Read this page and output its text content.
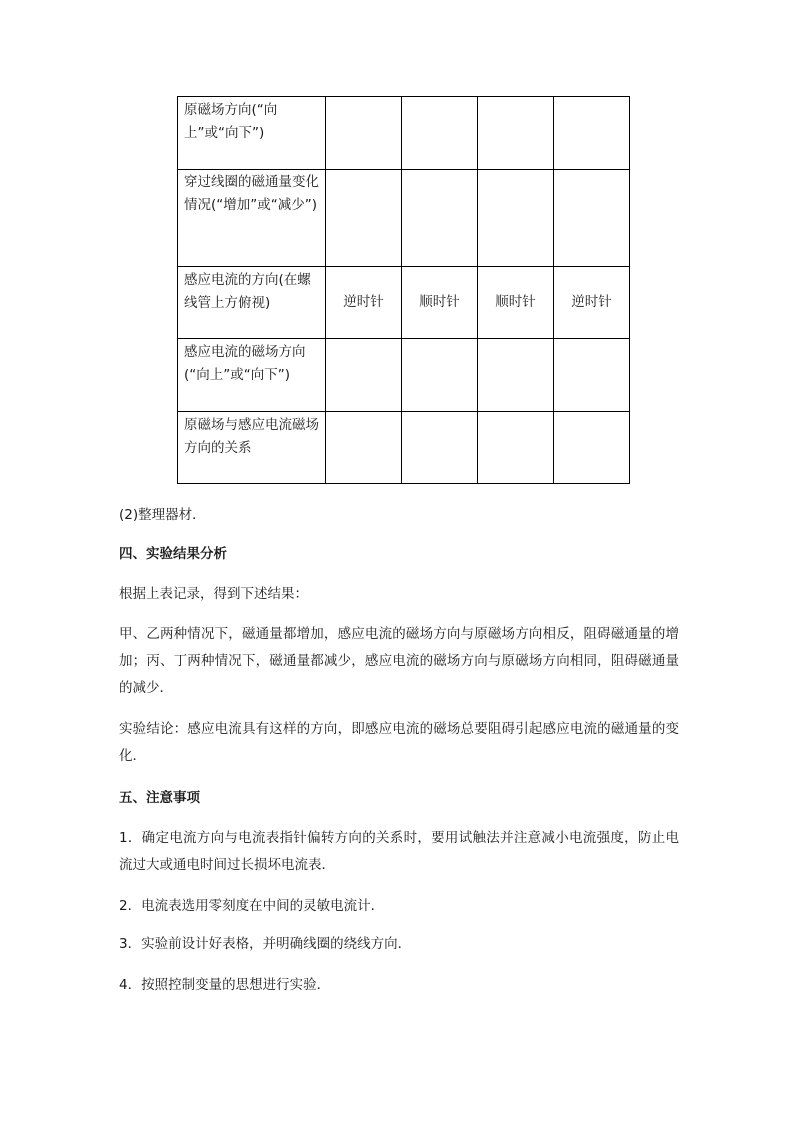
原磁场方向(“向上”或“向下”)				
穿过线圈的磁通量变化情况(“增加”或“减少”)				
感应电流的方向(在螺线管上方俯视)	逆时针	顺时针	顺时针	逆时针
感应电流的磁场方向(“向上”或“向下”)				
原磁场与感应电流磁场方向的关系				

(2)整理器材．

四、实验结果分析

根据上表记录，得到下述结果：

甲、乙两种情况下，磁通量都增加，感应电流的磁场方向与原磁场方向相反，阻碍磁通量的增加；丙、丁两种情况下，磁通量都减少，感应电流的磁场方向与原磁场方向相同，阻碍磁通量的减少．

实验结论：感应电流具有这样的方向，即感应电流的磁场总要阻碍引起感应电流的磁通量的变化．

五、注意事项

1．确定电流方向与电流表指针偏转方向的关系时，要用试触法并注意减小电流强度，防止电流过大或通电时间过长损坏电流表．

2．电流表选用零刻度在中间的灵敏电流计．

3．实验前设计好表格，并明确线圈的绕线方向．

4．按照控制变量的思想进行实验．
